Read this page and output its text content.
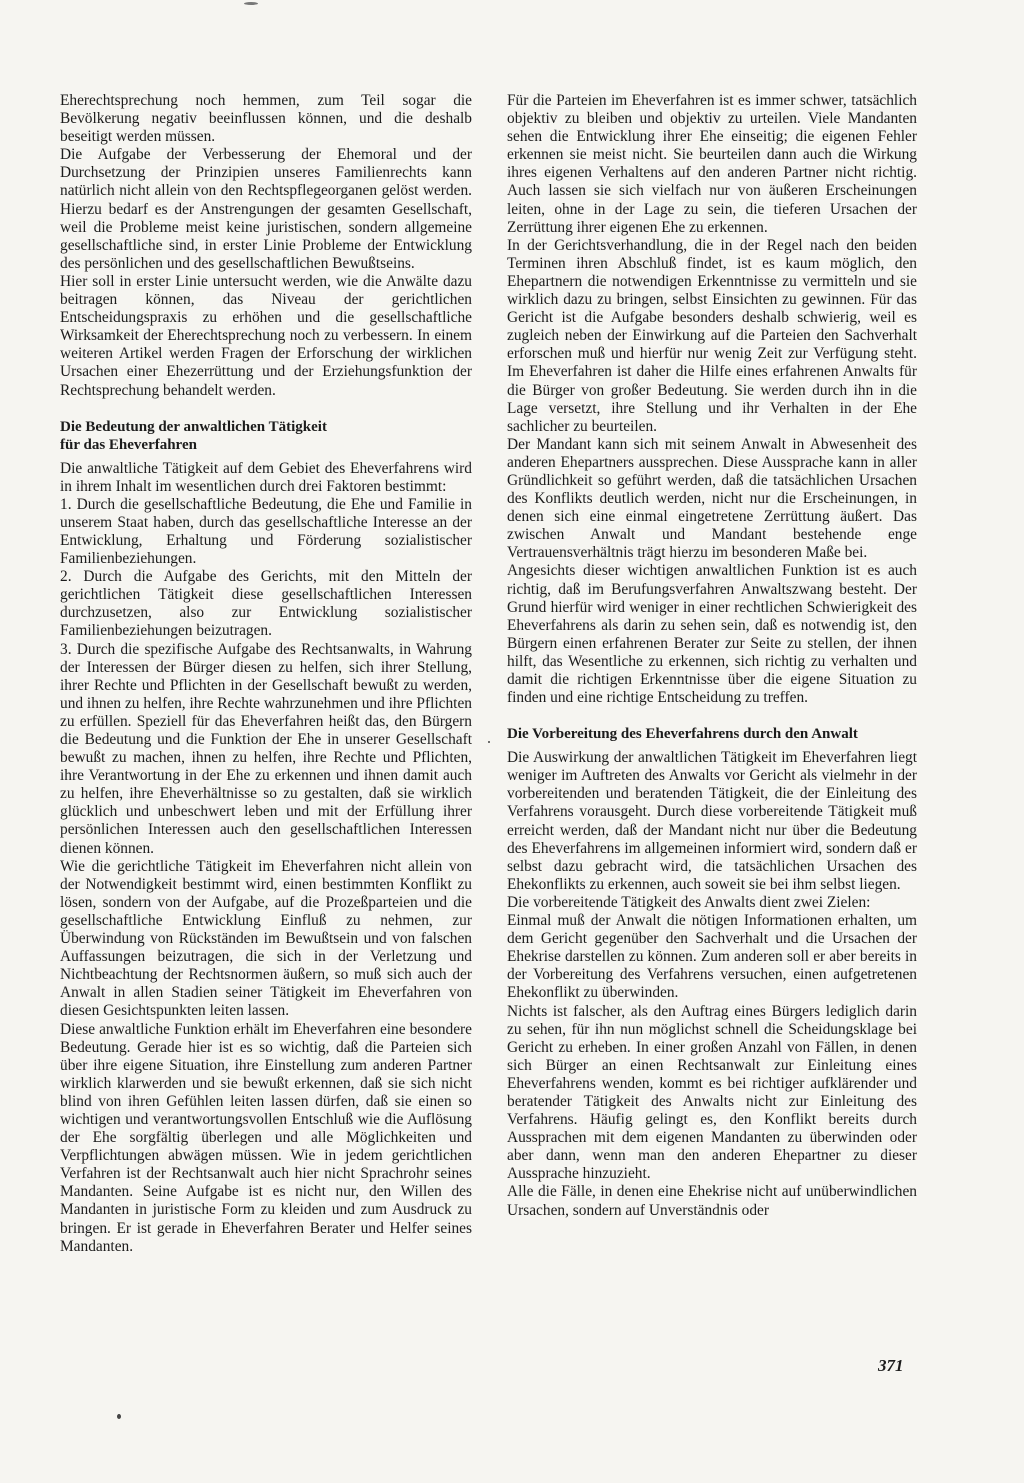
Eherechtsprechung noch hemmen, zum Teil sogar die Bevölkerung negativ beeinflussen können, und die deshalb beseitigt werden müssen.

Die Aufgabe der Verbesserung der Ehemoral und der Durchsetzung der Prinzipien unseres Familienrechts kann natürlich nicht allein von den Rechtspflegeorganen gelöst werden. Hierzu bedarf es der Anstrengungen der gesamten Gesellschaft, weil die Probleme meist keine juristischen, sondern allgemeine gesellschaftliche sind, in erster Linie Probleme der Entwicklung des persönlichen und des gesellschaftlichen Bewußtseins.

Hier soll in erster Linie untersucht werden, wie die Anwälte dazu beitragen können, das Niveau der gerichtlichen Entscheidungspraxis zu erhöhen und die gesellschaftliche Wirksamkeit der Eherechtsprechung noch zu verbessern. In einem weiteren Artikel werden Fragen der Erforschung der wirklichen Ursachen einer Ehezerrüttung und der Erziehungsfunktion der Rechtsprechung behandelt werden.

Die Bedeutung der anwaltlichen Tätigkeit
für das Eheverfahren

Die anwaltliche Tätigkeit auf dem Gebiet des Eheverfahrens wird in ihrem Inhalt im wesentlichen durch drei Faktoren bestimmt:

1. Durch die gesellschaftliche Bedeutung, die Ehe und Familie in unserem Staat haben, durch das gesellschaftliche Interesse an der Entwicklung, Erhaltung und Förderung sozialistischer Familienbeziehungen.

2. Durch die Aufgabe des Gerichts, mit den Mitteln der gerichtlichen Tätigkeit diese gesellschaftlichen Interessen durchzusetzen, also zur Entwicklung sozialistischer Familienbeziehungen beizutragen.

3. Durch die spezifische Aufgabe des Rechtsanwalts, in Wahrung der Interessen der Bürger diesen zu helfen, sich ihrer Stellung, ihrer Rechte und Pflichten in der Gesellschaft bewußt zu werden, und ihnen zu helfen, ihre Rechte wahrzunehmen und ihre Pflichten zu erfüllen. Speziell für das Eheverfahren heißt das, den Bürgern die Bedeutung und die Funktion der Ehe in unserer Gesellschaft bewußt zu machen, ihnen zu helfen, ihre Rechte und Pflichten, ihre Verantwortung in der Ehe zu erkennen und ihnen damit auch zu helfen, ihre Eheverhältnisse so zu gestalten, daß sie wirklich glücklich und unbeschwert leben und mit der Erfüllung ihrer persönlichen Interessen auch den gesellschaftlichen Interessen dienen können.

Wie die gerichtliche Tätigkeit im Eheverfahren nicht allein von der Notwendigkeit bestimmt wird, einen bestimmten Konflikt zu lösen, sondern von der Aufgabe, auf die Prozeßparteien und die gesellschaftliche Entwicklung Einfluß zu nehmen, zur Überwindung von Rückständen im Bewußtsein und von falschen Auffassungen beizutragen, die sich in der Verletzung und Nichtbeachtung der Rechtsnormen äußern, so muß sich auch der Anwalt in allen Stadien seiner Tätigkeit im Eheverfahren von diesen Gesichtspunkten leiten lassen.

Diese anwaltliche Funktion erhält im Eheverfahren eine besondere Bedeutung. Gerade hier ist es so wichtig, daß die Parteien sich über ihre eigene Situation, ihre Einstellung zum anderen Partner wirklich klarwerden und sie bewußt erkennen, daß sie sich nicht blind von ihren Gefühlen leiten lassen dürfen, daß sie einen so wichtigen und verantwortungsvollen Entschluß wie die Auflösung der Ehe sorgfältig überlegen und alle Möglichkeiten und Verpflichtungen abwägen müssen. Wie in jedem gerichtlichen Verfahren ist der Rechtsanwalt auch hier nicht Sprachrohr seines Mandanten. Seine Aufgabe ist es nicht nur, den Willen des Mandanten in juristische Form zu kleiden und zum Ausdruck zu bringen. Er ist gerade in Eheverfahren Berater und Helfer seines Mandanten.

Für die Parteien im Eheverfahren ist es immer schwer, tatsächlich objektiv zu bleiben und objektiv zu urteilen. Viele Mandanten sehen die Entwicklung ihrer Ehe einseitig; die eigenen Fehler erkennen sie meist nicht. Sie beurteilen dann auch die Wirkung ihres eigenen Verhaltens auf den anderen Partner nicht richtig. Auch lassen sie sich vielfach nur von äußeren Erscheinungen leiten, ohne in der Lage zu sein, die tieferen Ursachen der Zerrüttung ihrer eigenen Ehe zu erkennen.

In der Gerichtsverhandlung, die in der Regel nach den beiden Terminen ihren Abschluß findet, ist es kaum möglich, den Ehepartnern die notwendigen Erkenntnisse zu vermitteln und sie wirklich dazu zu bringen, selbst Einsichten zu gewinnen. Für das Gericht ist die Aufgabe besonders deshalb schwierig, weil es zugleich neben der Einwirkung auf die Parteien den Sachverhalt erforschen muß und hierfür nur wenig Zeit zur Verfügung steht. Im Eheverfahren ist daher die Hilfe eines erfahrenen Anwalts für die Bürger von großer Bedeutung. Sie werden durch ihn in die Lage versetzt, ihre Stellung und ihr Verhalten in der Ehe sachlicher zu beurteilen.

Der Mandant kann sich mit seinem Anwalt in Abwesenheit des anderen Ehepartners aussprechen. Diese Aussprache kann in aller Gründlichkeit so geführt werden, daß die tatsächlichen Ursachen des Konflikts deutlich werden, nicht nur die Erscheinungen, in denen sich eine einmal eingetretene Zerrüttung äußert. Das zwischen Anwalt und Mandant bestehende enge Vertrauensverhältnis trägt hierzu im besonderen Maße bei.

Angesichts dieser wichtigen anwaltlichen Funktion ist es auch richtig, daß im Berufungsverfahren Anwaltszwang besteht. Der Grund hierfür wird weniger in einer rechtlichen Schwierigkeit des Eheverfahrens als darin zu sehen sein, daß es notwendig ist, den Bürgern einen erfahrenen Berater zur Seite zu stellen, der ihnen hilft, das Wesentliche zu erkennen, sich richtig zu verhalten und damit die richtigen Erkenntnisse über die eigene Situation zu finden und eine richtige Entscheidung zu treffen.

Die Vorbereitung des Eheverfahrens durch den Anwalt

Die Auswirkung der anwaltlichen Tätigkeit im Eheverfahren liegt weniger im Auftreten des Anwalts vor Gericht als vielmehr in der vorbereitenden und beratenden Tätigkeit, die der Einleitung des Verfahrens vorausgeht. Durch diese vorbereitende Tätigkeit muß erreicht werden, daß der Mandant nicht nur über die Bedeutung des Eheverfahrens im allgemeinen informiert wird, sondern daß er selbst dazu gebracht wird, die tatsächlichen Ursachen des Ehekonflikts zu erkennen, auch soweit sie bei ihm selbst liegen.

Die vorbereitende Tätigkeit des Anwalts dient zwei Zielen:

Einmal muß der Anwalt die nötigen Informationen erhalten, um dem Gericht gegenüber den Sachverhalt und die Ursachen der Ehekrise darstellen zu können. Zum anderen soll er aber bereits in der Vorbereitung des Verfahrens versuchen, einen aufgetretenen Ehekonflikt zu überwinden.

Nichts ist falscher, als den Auftrag eines Bürgers lediglich darin zu sehen, für ihn nun möglichst schnell die Scheidungsklage bei Gericht zu erheben. In einer großen Anzahl von Fällen, in denen sich Bürger an einen Rechtsanwalt zur Einleitung eines Eheverfahrens wenden, kommt es bei richtiger aufklärender und beratender Tätigkeit des Anwalts nicht zur Einleitung des Verfahrens. Häufig gelingt es, den Konflikt bereits durch Aussprachen mit dem eigenen Mandanten zu überwinden oder aber dann, wenn man den anderen Ehepartner zu dieser Aussprache hinzuzieht.

Alle die Fälle, in denen eine Ehekrise nicht auf unüberwindlichen Ursachen, sondern auf Unverständnis oder

371
